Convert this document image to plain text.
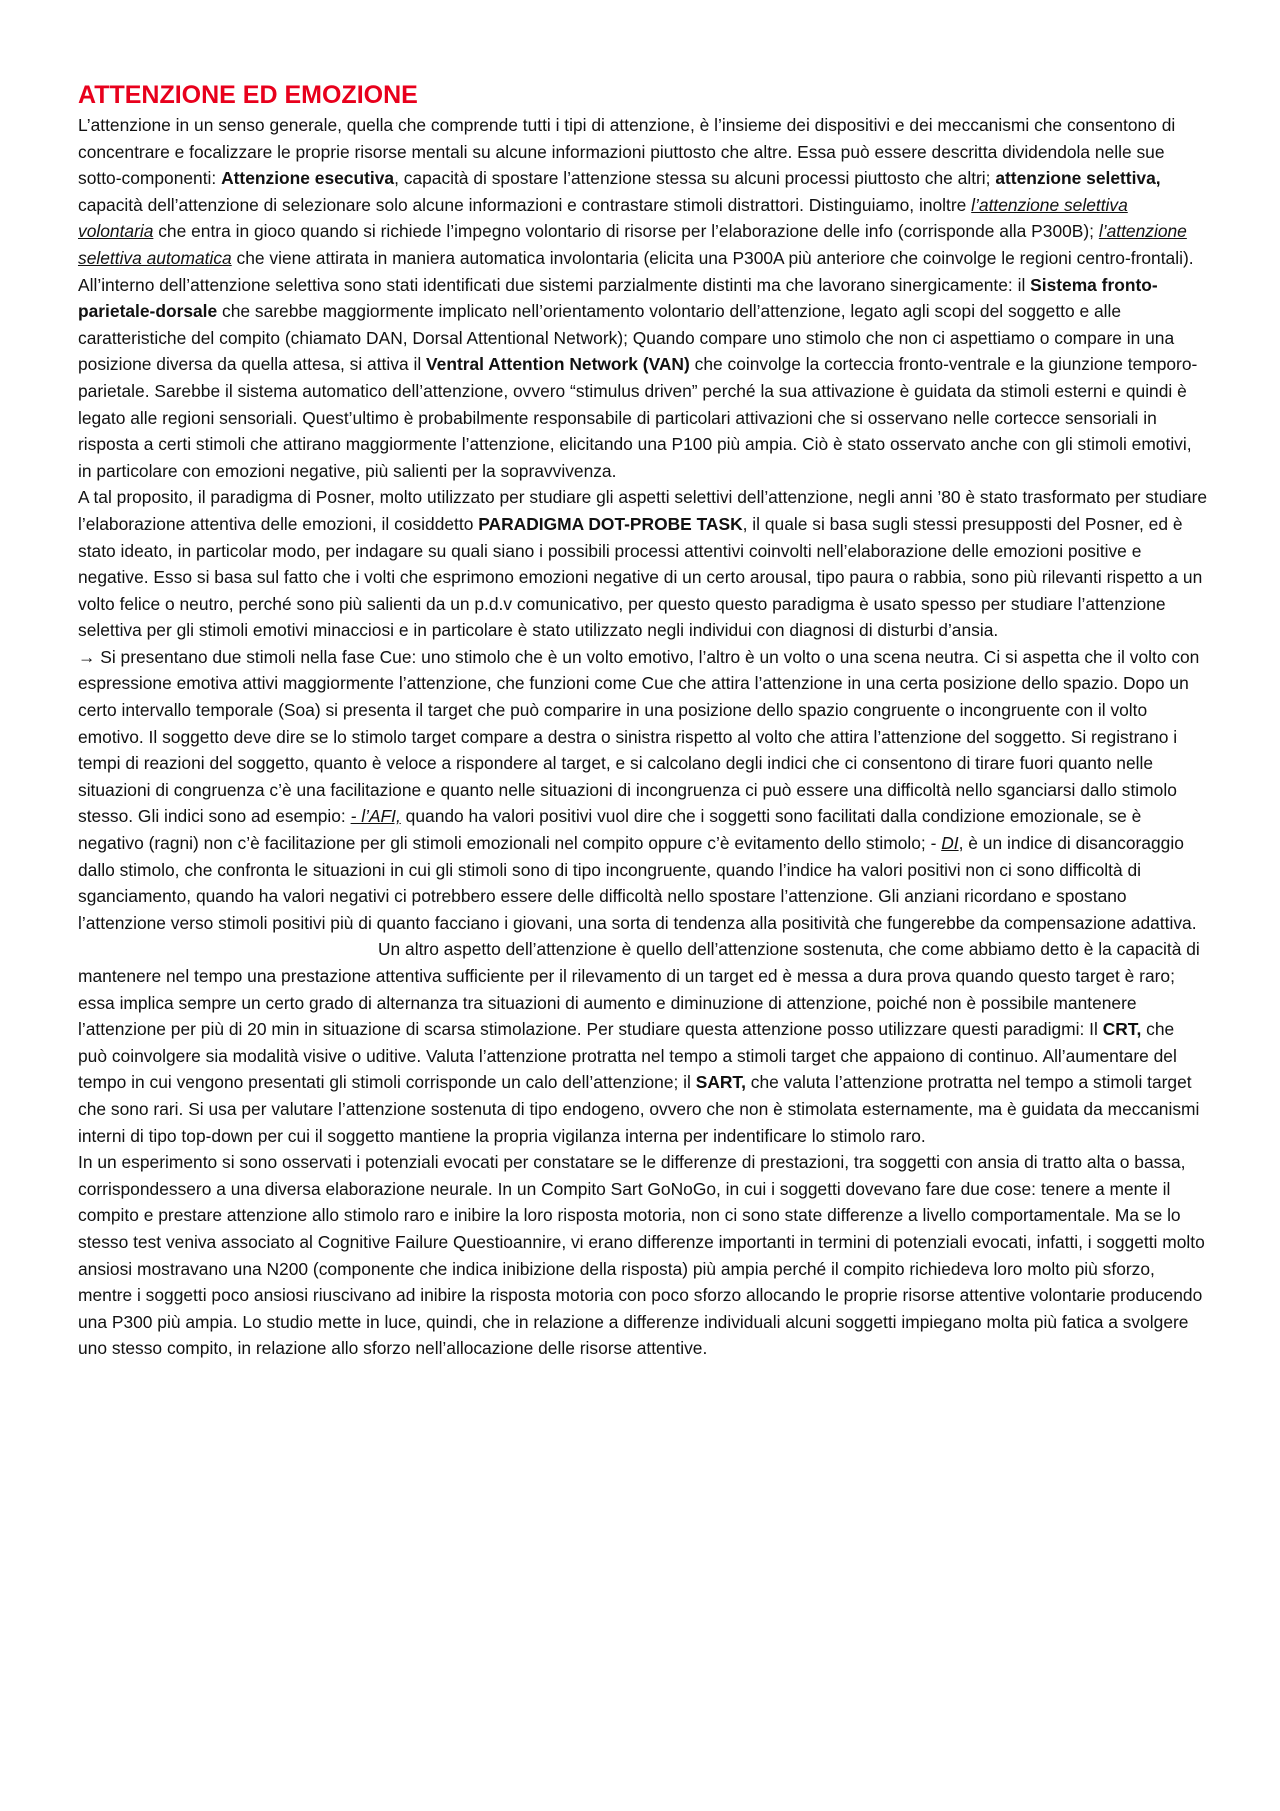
ATTENZIONE ED EMOZIONE

L’attenzione in un senso generale, quella che comprende tutti i tipi di attenzione, è l’insieme dei dispositivi e dei meccanismi che consentono di concentrare e focalizzare le proprie risorse mentali su alcune informazioni piuttosto che altre. Essa può essere descritta dividendola nelle sue sotto-componenti: Attenzione esecutiva, capacità di spostare l’attenzione stessa su alcuni processi piuttosto che altri; attenzione selettiva, capacità dell’attenzione di selezionare solo alcune informazioni e contrastare stimoli distrattori. Distinguiamo, inoltre l’attenzione selettiva volontaria che entra in gioco quando si richiede l’impegno volontario di risorse per l’elaborazione delle info (corrisponde alla P300B); l’attenzione selettiva automatica che viene attirata in maniera automatica involontaria (elicita una P300A più anteriore che coinvolge le regioni centro-frontali). All’interno dell’attenzione selettiva sono stati identificati due sistemi parzialmente distinti ma che lavorano sinergicamente: il Sistema fronto-parietale-dorsale che sarebbe maggiormente implicato nell’orientamento volontario dell’attenzione, legato agli scopi del soggetto e alle caratteristiche del compito (chiamato DAN, Dorsal Attentional Network); Quando compare uno stimolo che non ci aspettiamo o compare in una posizione diversa da quella attesa, si attiva il Ventral Attention Network (VAN) che coinvolge la corteccia fronto-ventrale e la giunzione temporo-parietale. Sarebbe il sistema automatico dell’attenzione, ovvero “stimulus driven” perché la sua attivazione è guidata da stimoli esterni e quindi è legato alle regioni sensoriali. Quest’ultimo è probabilmente responsabile di particolari attivazioni che si osservano nelle cortecce sensoriali in risposta a certi stimoli che attirano maggiormente l’attenzione, elicitando una P100 più ampia. Ciò è stato osservato anche con gli stimoli emotivi, in particolare con emozioni negative, più salienti per la sopravvivenza.

A tal proposito, il paradigma di Posner, molto utilizzato per studiare gli aspetti selettivi dell’attenzione, negli anni ’80 è stato trasformato per studiare l’elaborazione attentiva delle emozioni, il cosiddetto PARADIGMA DOT-PROBE TASK, il quale si basa sugli stessi presupposti del Posner, ed è stato ideato, in particolar modo, per indagare su quali siano i possibili processi attentivi coinvolti nell’elaborazione delle emozioni positive e negative. Esso si basa sul fatto che i volti che esprimono emozioni negative di un certo arousal, tipo paura o rabbia, sono più rilevanti rispetto a un volto felice o neutro, perché sono più salienti da un p.d.v comunicativo, per questo questo paradigma è usato spesso per studiare l’attenzione selettiva per gli stimoli emotivi minacciosi e in particolare è stato utilizzato negli individui con diagnosi di disturbi d’ansia.

→ Si presentano due stimoli nella fase Cue: uno stimolo che è un volto emotivo, l’altro è un volto o una scena neutra. Ci si aspetta che il volto con espressione emotiva attivi maggiormente l’attenzione, che funzioni come Cue che attira l’attenzione in una certa posizione dello spazio. Dopo un certo intervallo temporale (Soa) si presenta il target che può comparire in una posizione dello spazio congruente o incongruente con il volto emotivo. Il soggetto deve dire se lo stimolo target compare a destra o sinistra rispetto al volto che attira l’attenzione del soggetto. Si registrano i tempi di reazioni del soggetto, quanto è veloce a rispondere al target, e si calcolano degli indici che ci consentono di tirare fuori quanto nelle situazioni di congruenza c’è una facilitazione e quanto nelle situazioni di incongruenza ci può essere una difficoltà nello sganciarsi dallo stimolo stesso. Gli indici sono ad esempio: - l’AFI, quando ha valori positivi vuol dire che i soggetti sono facilitati dalla condizione emozionale, se è negativo (ragni) non c’è facilitazione per gli stimoli emozionali nel compito oppure c’è evitamento dello stimolo; - DI, è un indice di disancoraggio dallo stimolo, che confronta le situazioni in cui gli stimoli sono di tipo incongruente, quando l’indice ha valori positivi non ci sono difficoltà di sganciamento, quando ha valori negativi ci potrebbero essere delle difficoltà nello spostare l’attenzione. Gli anziani ricordano e spostano l’attenzione verso stimoli positivi più di quanto facciano i giovani, una sorta di tendenza alla positività che fungerebbe da compensazione adattiva.Un altro aspetto dell’attenzione è quello dell’attenzione sostenuta, che come abbiamo detto è la capacità di mantenere nel tempo una prestazione attentiva sufficiente per il rilevamento di un target ed è messa a dura prova quando questo target è raro; essa implica sempre un certo grado di alternanza tra situazioni di aumento e diminuzione di attenzione, poiché non è possibile mantenere l’attenzione per più di 20 min in situazione di scarsa stimolazione. Per studiare questa attenzione posso utilizzare questi paradigmi: Il CRT, che può coinvolgere sia modalità visive o uditive. Valuta l’attenzione protratta nel tempo a stimoli target che appaiono di continuo. All’aumentare del tempo in cui vengono presentati gli stimoli corrisponde un calo dell’attenzione; il SART, che valuta l’attenzione protratta nel tempo a stimoli target che sono rari. Si usa per valutare l’attenzione sostenuta di tipo endogeno, ovvero che non è stimolata esternamente, ma è guidata da meccanismi interni di tipo top-down per cui il soggetto mantiene la propria vigilanza interna per indentificare lo stimolo raro.

In un esperimento si sono osservati i potenziali evocati per constatare se le differenze di prestazioni, tra soggetti con ansia di tratto alta o bassa, corrispondessero a una diversa elaborazione neurale. In un Compito Sart GoNoGo, in cui i soggetti dovevano fare due cose: tenere a mente il compito e prestare attenzione allo stimolo raro e inibire la loro risposta motoria, non ci sono state differenze a livello comportamentale. Ma se lo stesso test veniva associato al Cognitive Failure Questioannire, vi erano differenze importanti in termini di potenziali evocati, infatti, i soggetti molto ansiosi mostravano una N200 (componente che indica inibizione della risposta) più ampia perché il compito richiedeva loro molto più sforzo, mentre i soggetti poco ansiosi riuscivano ad inibire la risposta motoria con poco sforzo allocando le proprie risorse attentive volontarie producendo una P300 più ampia. Lo studio mette in luce, quindi, che in relazione a differenze individuali alcuni soggetti impiegano molta più fatica a svolgere uno stesso compito, in relazione allo sforzo nell’allocazione delle risorse attentive.
